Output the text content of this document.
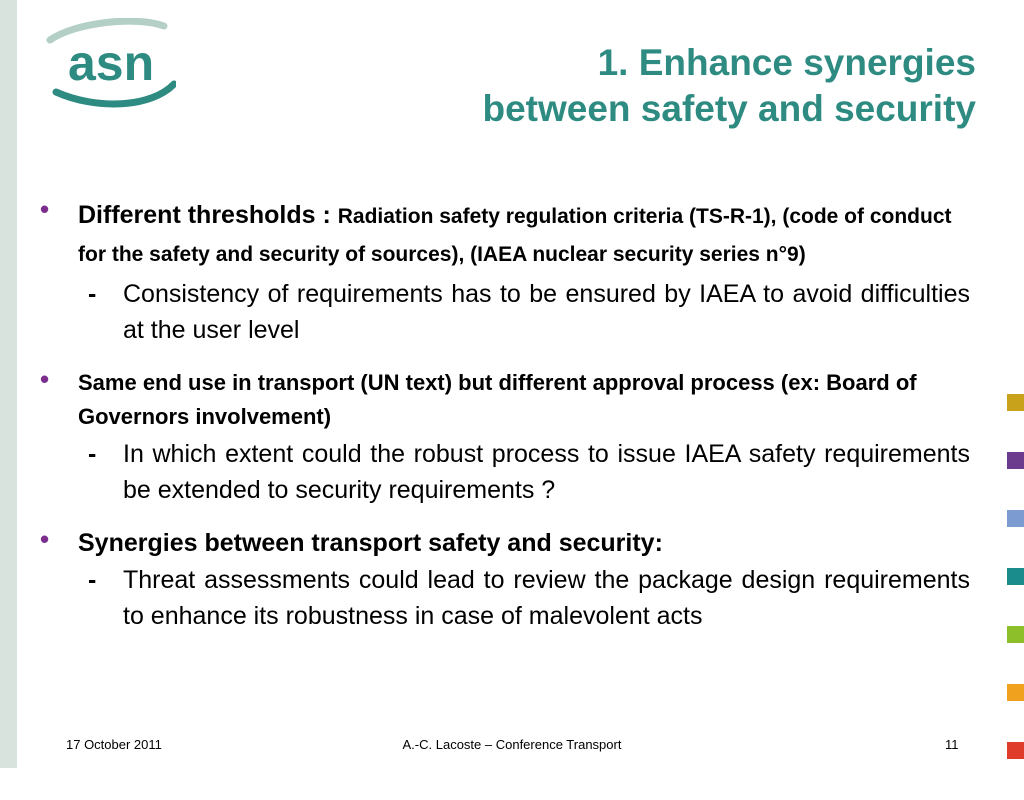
asn	1. Enhance synergies
between safety and security
• Different thresholds : Radiation safety regulation criteria (TS-R-1), (code of conduct for the safety and security of sources), (IAEA nuclear security series n°9)
- Consistency of requirements has to be ensured by IAEA to avoid difficulties at the user level
• Same end use in transport (UN text) but different approval process (ex: Board of Governors involvement)
- In which extent could the robust process to issue IAEA safety requirements be extended to security requirements ?
• Synergies between transport safety and security:
- Threat assessments could lead to review the package design requirements to enhance its robustness in case of malevolent acts
17 October 2011	A.-C. Lacoste – Conference Transport	11
